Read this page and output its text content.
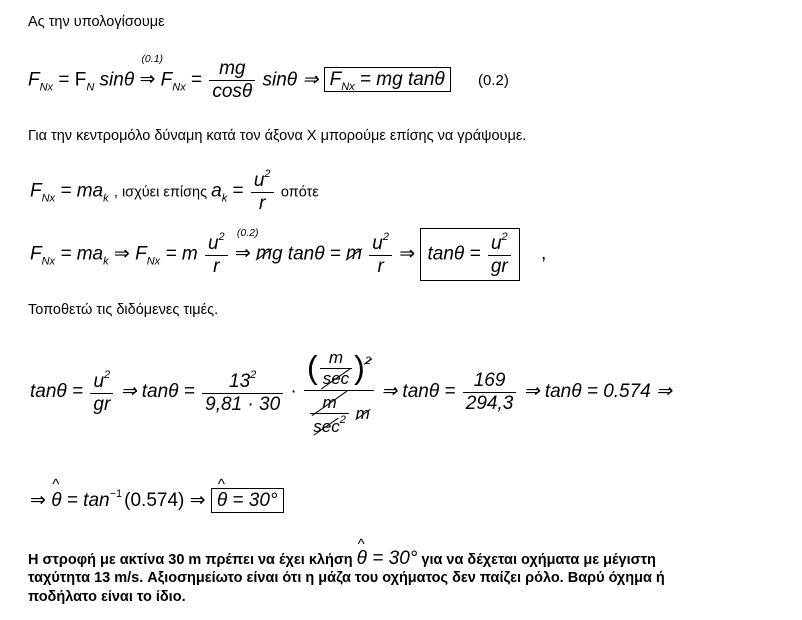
Ας την υπολογίσουμε
$F_{Nx} = F_N$ sinθ
(0.1)
⇒ $F_{Nx} = \frac{mg}{\cos\theta}$ sinθ ⇒ $F_{Nx}$ = mg tanθ (0.2)
Για την κεντρομόλο δύναμη κατά τον άξονα Χ μπορούμε επίσης να γράψουμε.
$F_{Nx} = ma_k$ , ισχύει επίσης $a_k = \frac{u^2}{r}$ οπότε
$F_{Nx} = ma_k$ ⇒ $F_{Nx} = m \frac{u^2}{r}$
(0.2)
⇒ mg tanθ = m $\frac{u^2}{r}$ ⇒ $\tan\theta = \frac{u^2}{gr}$ ,
Τοποθετώ τις διδόμενες τιμές.
$\tan\theta = \frac{u^2}{gr}$ ⇒ $\tan\theta = \frac{13^2}{9,81 \cdot 30} \cdot \frac{( \frac{m}{\sec} )^2}{\frac{m}{\sec^2} m}$ ⇒ $\tan\theta = \frac{169}{294,3}$ ⇒ tanθ = 0.574 ⇒
⇒ ^ $\theta = \tan^{-1} (0.574)$ ⇒ ^ θ = 30°
Η στροφή με ακτίνα 30 m πρέπει να έχει κλήση ^ θ = 30° για να δέχεται οχήματα με μέγιστη
ταχύτητα 13 m/s. Αξιοσημείωτο είναι ότι η μάζα του οχήματος δεν παίζει ρόλο. Βαρύ όχημα ή
ποδήλατο είναι το ίδιο.
